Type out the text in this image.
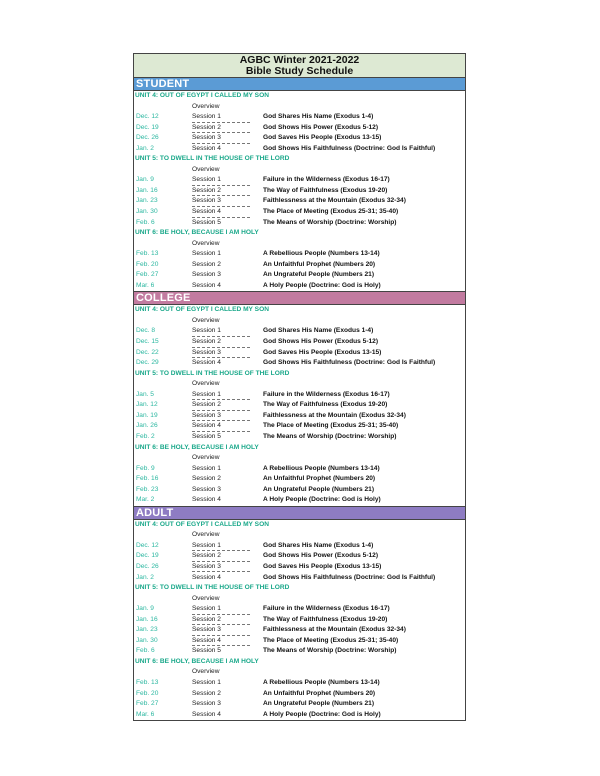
AGBC Winter 2021-2022
Bible Study Schedule
STUDENT
UNIT 4: OUT OF EGYPT I CALLED MY SON
Overview
Dec. 12	Session 1	God Shares His Name (Exodus 1-4)
Dec. 19	Session 2	God Shows His Power (Exodus 5-12)
Dec. 26	Session 3	God Saves His People (Exodus 13-15)
Jan. 2	Session 4	God Shows His Faithfulness (Doctrine: God Is Faithful)
UNIT 5: TO DWELL IN THE HOUSE OF THE LORD
Overview
Jan. 9	Session 1	Failure in the Wilderness (Exodus 16-17)
Jan. 16	Session 2	The Way of Faithfulness (Exodus 19-20)
Jan. 23	Session 3	Faithlessness at the Mountain (Exodus 32-34)
Jan. 30	Session 4	The Place of Meeting (Exodus 25-31; 35-40)
Feb. 6	Session 5	The Means of Worship (Doctrine: Worship)
UNIT 6: BE HOLY, BECAUSE I AM HOLY
Overview
Feb. 13	Session 1	A Rebellious People (Numbers 13-14)
Feb. 20	Session 2	An Unfaithful Prophet (Numbers 20)
Feb. 27	Session 3	An Ungrateful People (Numbers 21)
Mar. 6	Session 4	A Holy People (Doctrine: God is Holy)
COLLEGE
UNIT 4: OUT OF EGYPT I CALLED MY SON
Overview
Dec. 8	Session 1	God Shares His Name (Exodus 1-4)
Dec. 15	Session 2	God Shows His Power (Exodus 5-12)
Dec. 22	Session 3	God Saves His People (Exodus 13-15)
Dec. 29	Session 4	God Shows His Faithfulness (Doctrine: God Is Faithful)
UNIT 5: TO DWELL IN THE HOUSE OF THE LORD
Overview
Jan. 5	Session 1	Failure in the Wilderness (Exodus 16-17)
Jan. 12	Session 2	The Way of Faithfulness (Exodus 19-20)
Jan. 19	Session 3	Faithlessness at the Mountain (Exodus 32-34)
Jan. 26	Session 4	The Place of Meeting (Exodus 25-31; 35-40)
Feb. 2	Session 5	The Means of Worship (Doctrine: Worship)
UNIT 6: BE HOLY, BECAUSE I AM HOLY
Overview
Feb. 9	Session 1	A Rebellious People (Numbers 13-14)
Feb. 16	Session 2	An Unfaithful Prophet (Numbers 20)
Feb. 23	Session 3	An Ungrateful People (Numbers 21)
Mar. 2	Session 4	A Holy People (Doctrine: God is Holy)
ADULT
UNIT 4: OUT OF EGYPT I CALLED MY SON
Overview
Dec. 12	Session 1	God Shares His Name (Exodus 1-4)
Dec. 19	Session 2	God Shows His Power (Exodus 5-12)
Dec. 26	Session 3	God Saves His People (Exodus 13-15)
Jan. 2	Session 4	God Shows His Faithfulness (Doctrine: God Is Faithful)
UNIT 5: TO DWELL IN THE HOUSE OF THE LORD
Overview
Jan. 9	Session 1	Failure in the Wilderness (Exodus 16-17)
Jan. 16	Session 2	The Way of Faithfulness (Exodus 19-20)
Jan. 23	Session 3	Faithlessness at the Mountain (Exodus 32-34)
Jan. 30	Session 4	The Place of Meeting (Exodus 25-31; 35-40)
Feb. 6	Session 5	The Means of Worship (Doctrine: Worship)
UNIT 6: BE HOLY, BECAUSE I AM HOLY
Overview
Feb. 13	Session 1	A Rebellious People (Numbers 13-14)
Feb. 20	Session 2	An Unfaithful Prophet (Numbers 20)
Feb. 27	Session 3	An Ungrateful People (Numbers 21)
Mar. 6	Session 4	A Holy People (Doctrine: God is Holy)
